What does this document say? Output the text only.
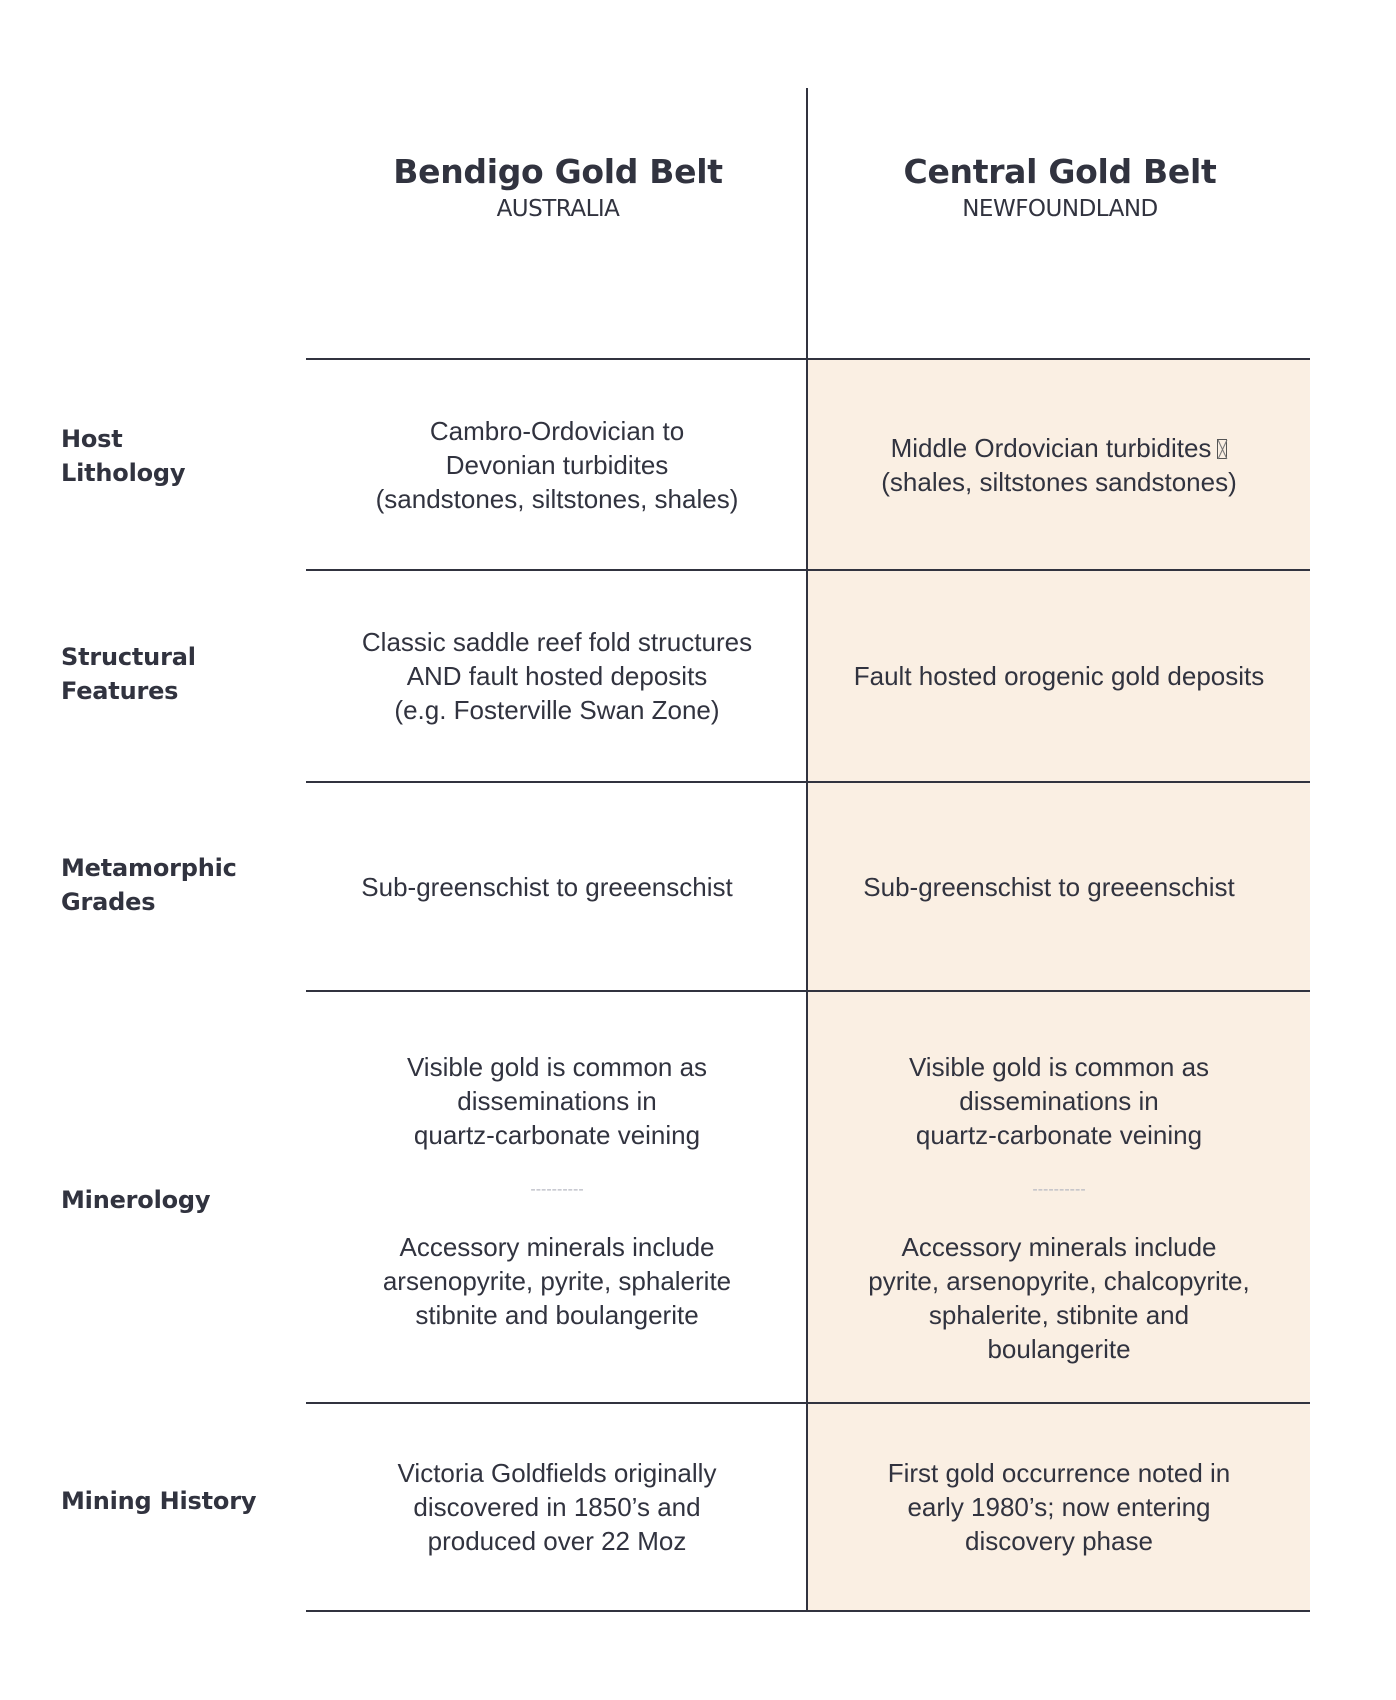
Bendigo Gold Belt
AUSTRALIA
Central Gold Belt
NEWFOUNDLAND
Host
Lithology
Cambro-Ordovician to
Devonian turbidites
(sandstones, siltstones, shales)
Middle Ordovician turbidites
(shales, siltstones sandstones)
Structural
Features
Classic saddle reef fold structures
AND fault hosted deposits
(e.g. Fosterville Swan Zone)
Fault hosted orogenic gold deposits
Metamorphic
Grades
Sub-greenschist to greeenschist	Sub-greenschist to greeenschist
Minerology
Visible gold is common as
disseminations in
quartz-carbonate veining
----------
Accessory minerals include
arsenopyrite, pyrite, sphalerite
stibnite and boulangerite
Visible gold is common as
disseminations in
quartz-carbonate veining
----------
Accessory minerals include
pyrite, arsenopyrite, chalcopyrite,
sphalerite, stibnite and
boulangerite
Mining History
Victoria Goldfields originally
discovered in 1850’s and
produced over 22 Moz
First gold occurrence noted in
early 1980’s; now entering
discovery phase
